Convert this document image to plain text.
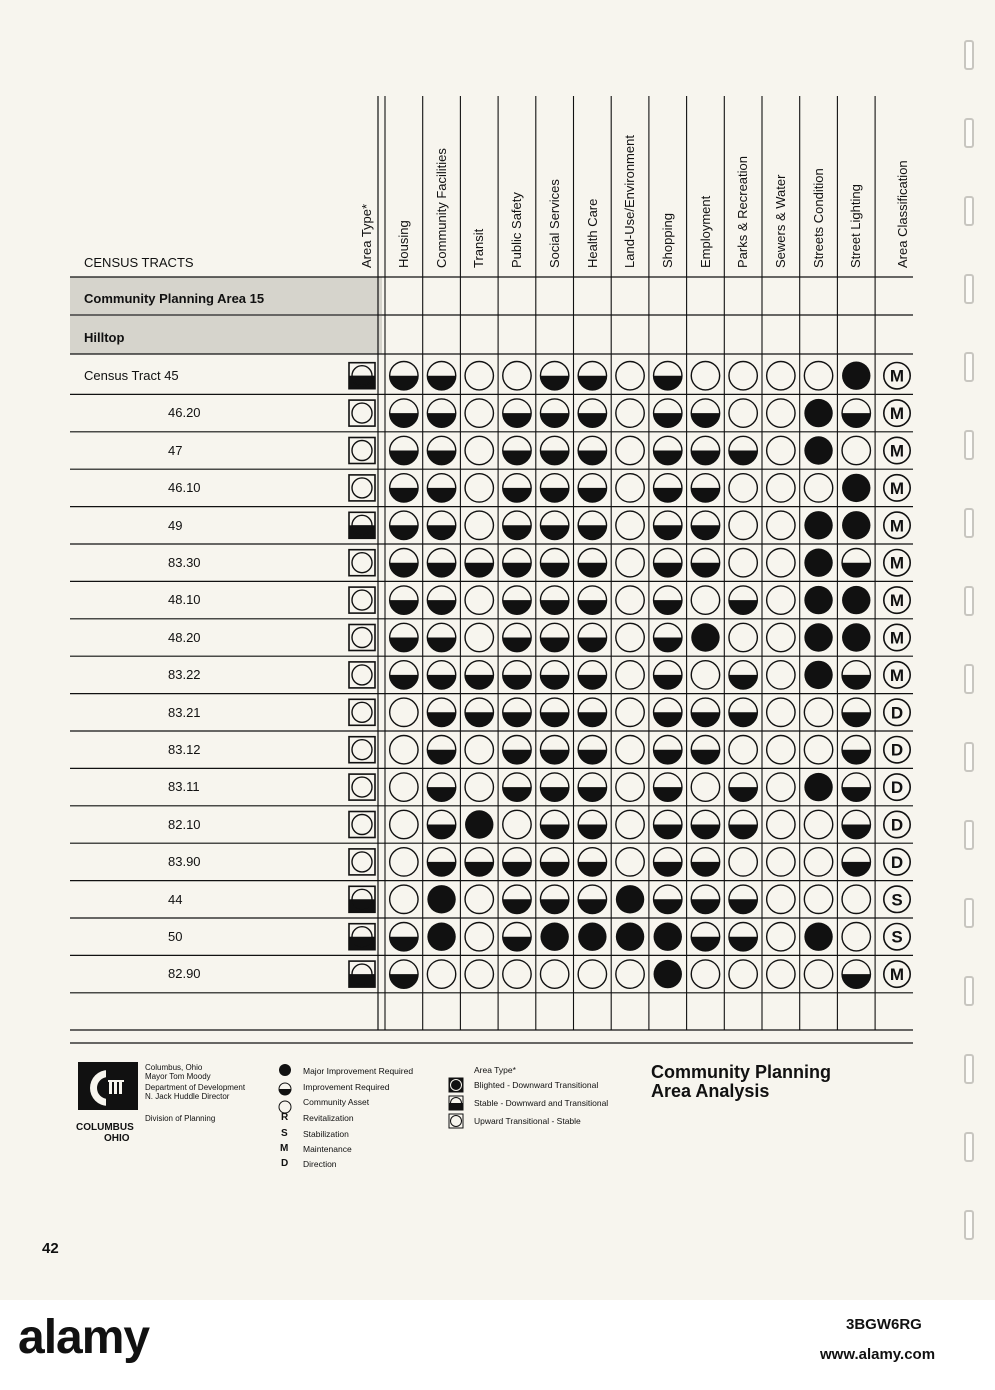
M
M
M
M
M
M
M
M
M
D
D
D
D
D
S
S
M
CENSUS TRACTS	Area Type* Housing Community Facilities Transit Public Safety Social Services Health Care Land-Use/Environment Shopping Employment Parks & Recreation Sewers & Water Streets Condition Street Lighting Area Classification
Community Planning Area 15
Hilltop
Census Tract 45
46.20
47
46.10
49
83.30
48.10
48.20
83.22
83.21
83.12
83.11
82.10
83.90
44
50
82.90
COLUMBUS
OHIO
Columbus, Ohio
Mayor Tom Moody
Department of Development
N. Jack Huddle Director
Division of Planning
Major Improvement Required
Improvement Required
Community Asset
R Revitalization
S Stabilization
M Maintenance
D Direction
Area Type*
Blighted - Downward Transitional
Stable - Downward and Transitional
Upward Transitional - Stable
Community Planning
Area Analysis
42
alamy	3BGW6RG
www.alamy.com
